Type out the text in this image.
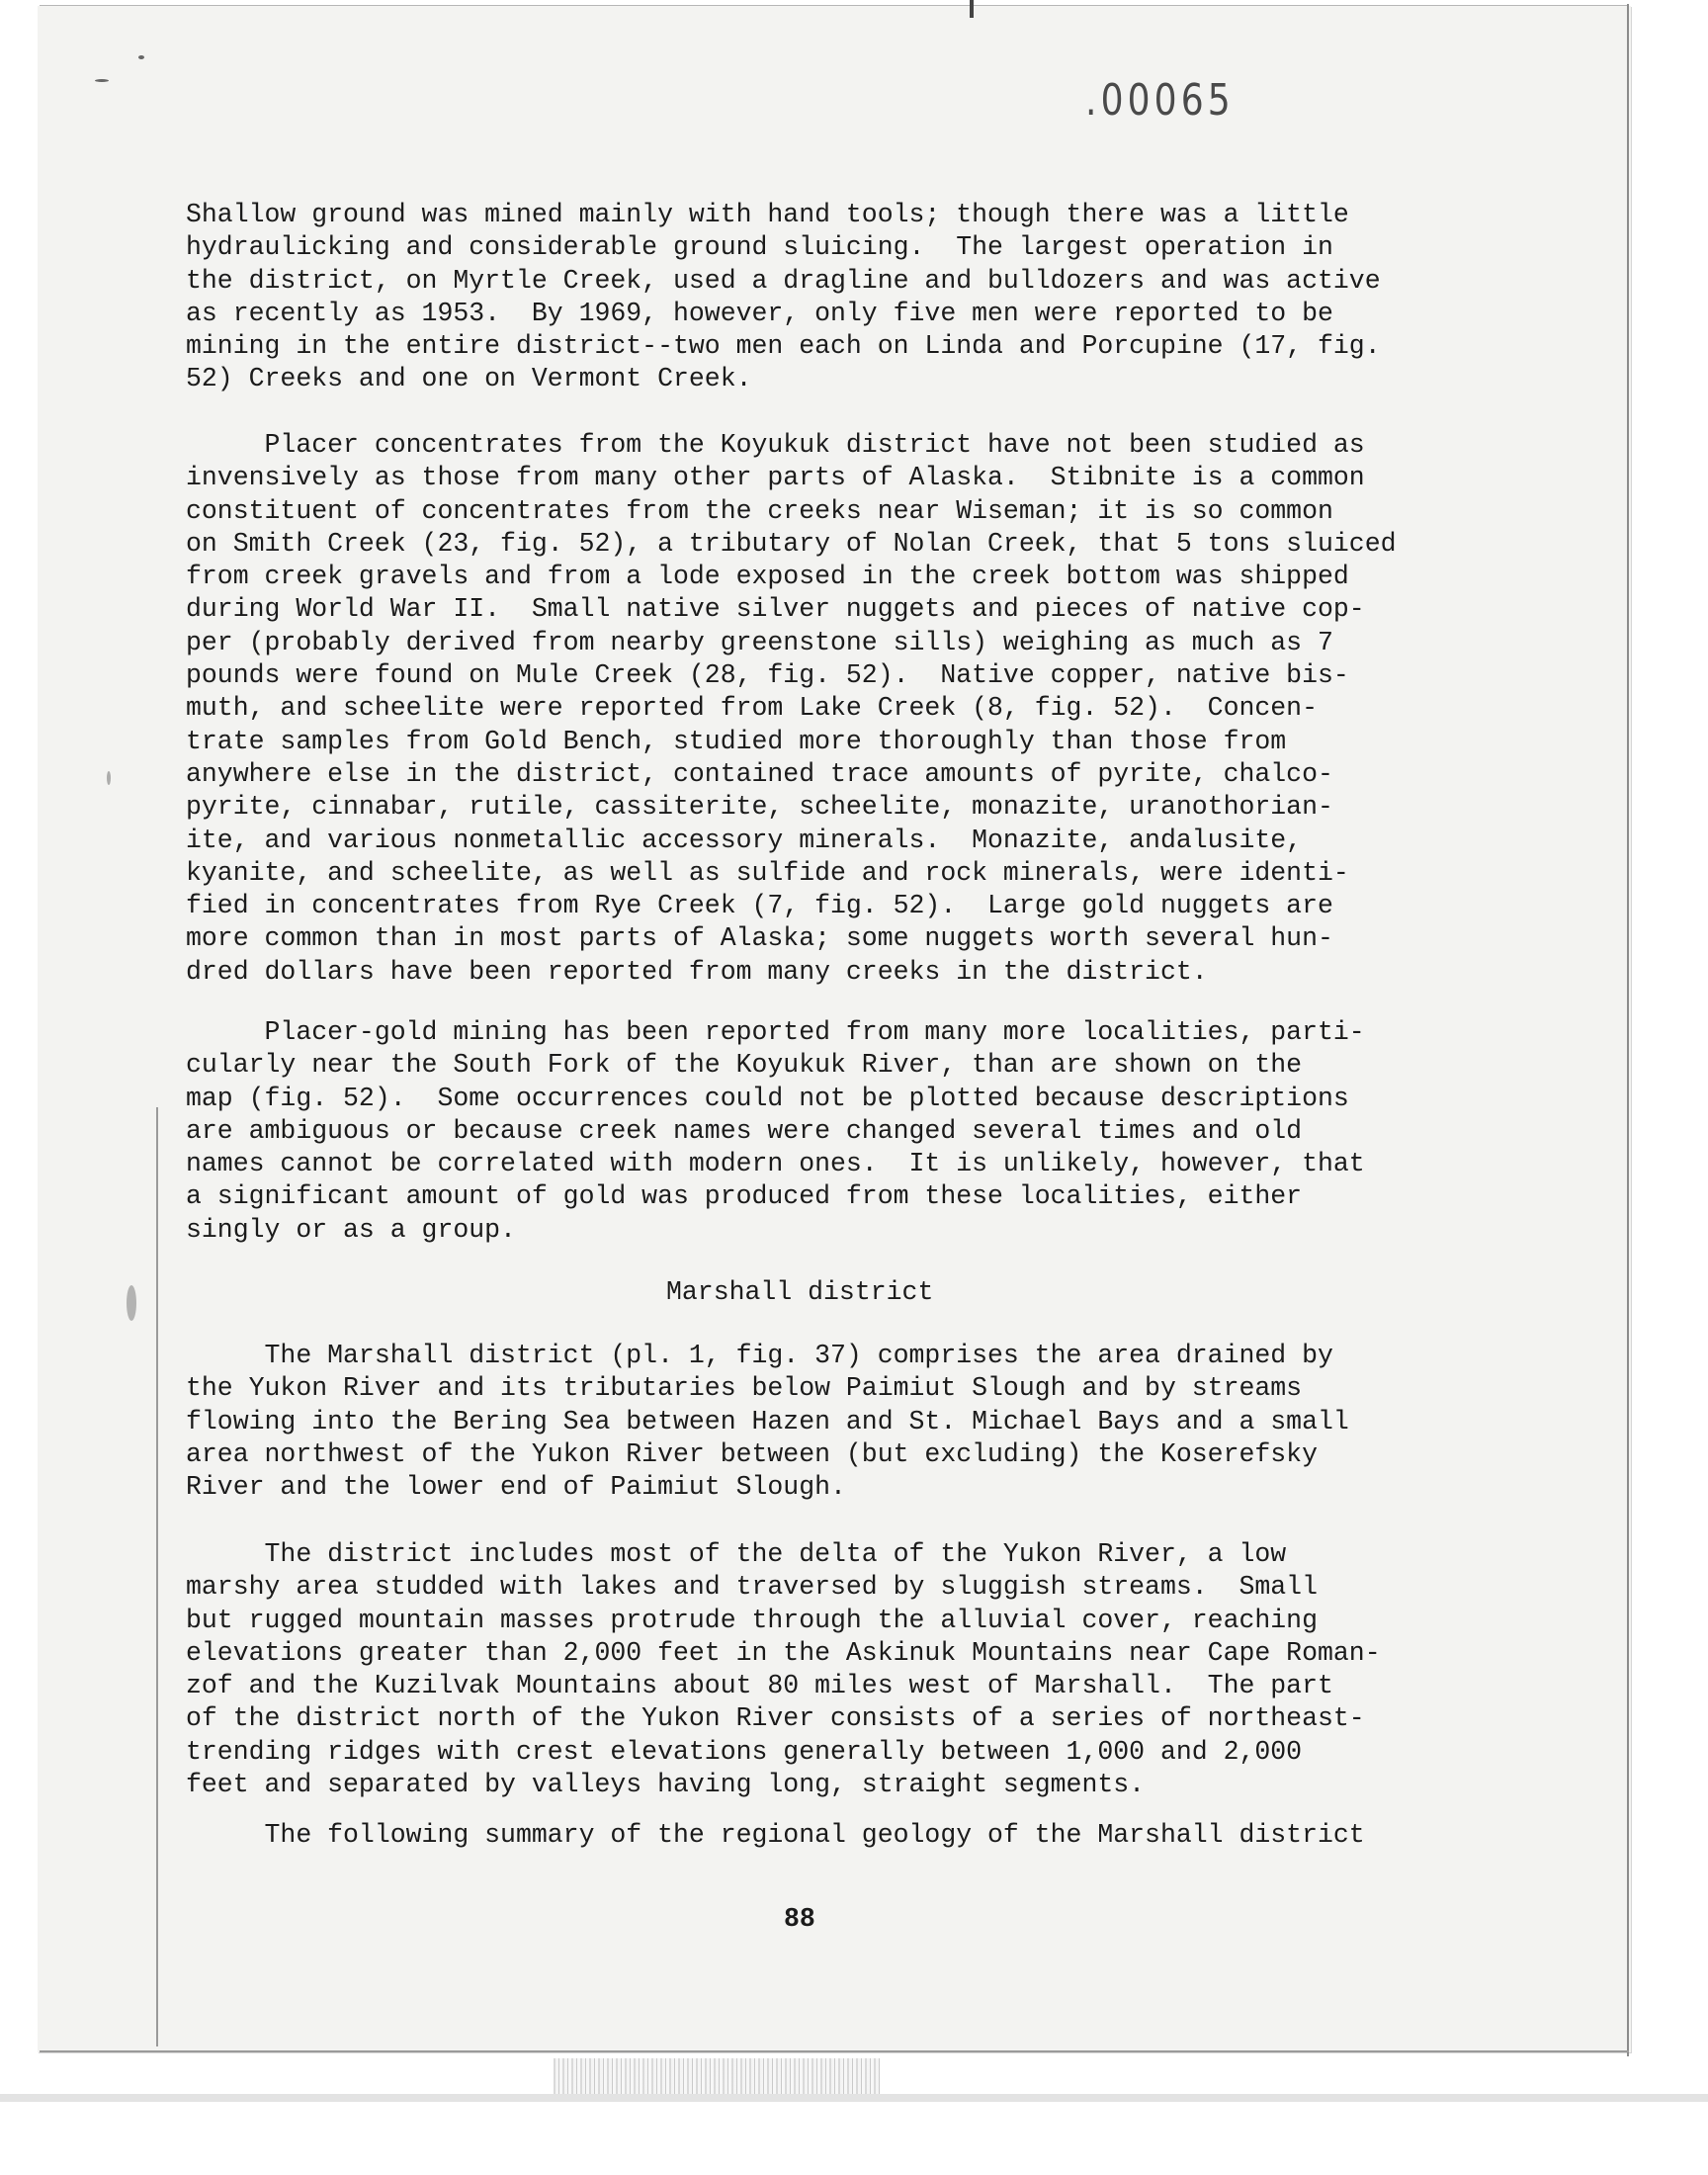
.00065

Shallow ground was mined mainly with hand tools; though there was a little
hydraulicking and considerable ground sluicing.  The largest operation in
the district, on Myrtle Creek, used a dragline and bulldozers and was active
as recently as 1953.  By 1969, however, only five men were reported to be
mining in the entire district--two men each on Linda and Porcupine (17, fig.
52) Creeks and one on Vermont Creek.

Placer concentrates from the Koyukuk district have not been studied as
invensively as those from many other parts of Alaska.  Stibnite is a common
constituent of concentrates from the creeks near Wiseman; it is so common
on Smith Creek (23, fig. 52), a tributary of Nolan Creek, that 5 tons sluiced
from creek gravels and from a lode exposed in the creek bottom was shipped
during World War II.  Small native silver nuggets and pieces of native cop-
per (probably derived from nearby greenstone sills) weighing as much as 7
pounds were found on Mule Creek (28, fig. 52).  Native copper, native bis-
muth, and scheelite were reported from Lake Creek (8, fig. 52).  Concen-
trate samples from Gold Bench, studied more thoroughly than those from
anywhere else in the district, contained trace amounts of pyrite, chalco-
pyrite, cinnabar, rutile, cassiterite, scheelite, monazite, uranothorian-
ite, and various nonmetallic accessory minerals.  Monazite, andalusite,
kyanite, and scheelite, as well as sulfide and rock minerals, were identi-
fied in concentrates from Rye Creek (7, fig. 52).  Large gold nuggets are
more common than in most parts of Alaska; some nuggets worth several hun-
dred dollars have been reported from many creeks in the district.

Placer-gold mining has been reported from many more localities, parti-
cularly near the South Fork of the Koyukuk River, than are shown on the
map (fig. 52).  Some occurrences could not be plotted because descriptions
are ambiguous or because creek names were changed several times and old
names cannot be correlated with modern ones.  It is unlikely, however, that
a significant amount of gold was produced from these localities, either
singly or as a group.

Marshall district

The Marshall district (pl. 1, fig. 37) comprises the area drained by
the Yukon River and its tributaries below Paimiut Slough and by streams
flowing into the Bering Sea between Hazen and St. Michael Bays and a small
area northwest of the Yukon River between (but excluding) the Koserefsky
River and the lower end of Paimiut Slough.

The district includes most of the delta of the Yukon River, a low
marshy area studded with lakes and traversed by sluggish streams.  Small
but rugged mountain masses protrude through the alluvial cover, reaching
elevations greater than 2,000 feet in the Askinuk Mountains near Cape Roman-
zof and the Kuzilvak Mountains about 80 miles west of Marshall.  The part
of the district north of the Yukon River consists of a series of northeast-
trending ridges with crest elevations generally between 1,000 and 2,000
feet and separated by valleys having long, straight segments.

The following summary of the regional geology of the Marshall district

88
